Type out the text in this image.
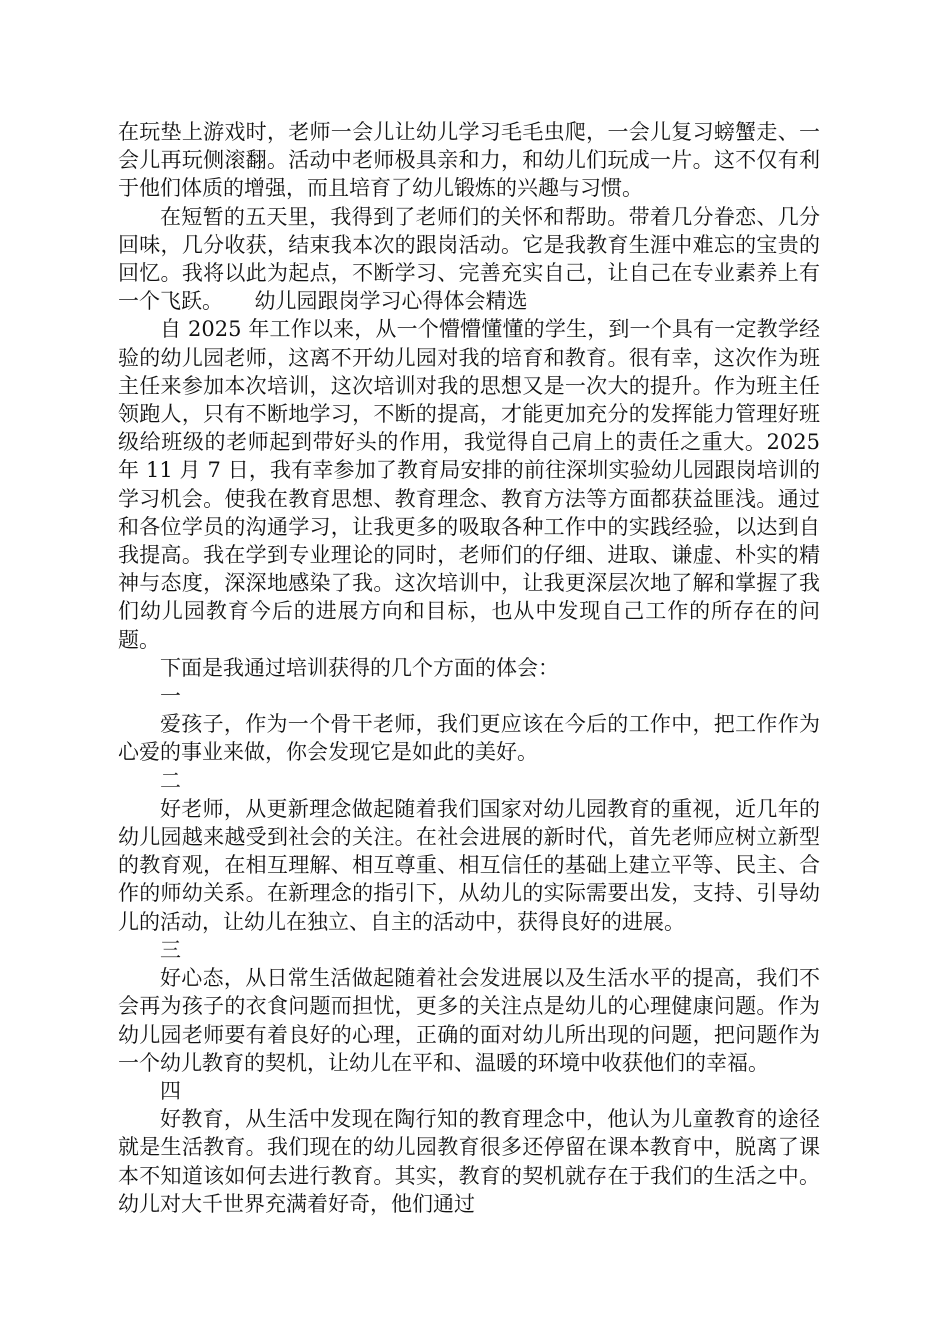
在玩垫上游戏时，老师一会儿让幼儿学习毛毛虫爬，一会儿复习螃蟹走、一会儿再玩侧滚翻。活动中老师极具亲和力，和幼儿们玩成一片。这不仅有利于他们体质的增强，而且培育了幼儿锻炼的兴趣与习惯。

在短暂的五天里，我得到了老师们的关怀和帮助。带着几分眷恋、几分回味，几分收获，结束我本次的跟岗活动。它是我教育生涯中难忘的宝贵的回忆。我将以此为起点，不断学习、完善充实自己，让自己在专业素养上有一个飞跃。　　幼儿园跟岗学习心得体会精选

自 2025 年工作以来，从一个懵懵懂懂的学生，到一个具有一定教学经验的幼儿园老师，这离不开幼儿园对我的培育和教育。很有幸，这次作为班主任来参加本次培训，这次培训对我的思想又是一次大的提升。作为班主任领跑人，只有不断地学习，不断的提高，才能更加充分的发挥能力管理好班级给班级的老师起到带好头的作用，我觉得自己肩上的责任之重大。2025 年 11 月 7 日，我有幸参加了教育局安排的前往深圳实验幼儿园跟岗培训的学习机会。使我在教育思想、教育理念、教育方法等方面都获益匪浅。通过和各位学员的沟通学习，让我更多的吸取各种工作中的实践经验，以达到自我提高。我在学到专业理论的同时，老师们的仔细、进取、谦虚、朴实的精神与态度，深深地感染了我。这次培训中，让我更深层次地了解和掌握了我们幼儿园教育今后的进展方向和目标，也从中发现自己工作的所存在的问题。

下面是我通过培训获得的几个方面的体会：

一

爱孩子，作为一个骨干老师，我们更应该在今后的工作中，把工作作为心爱的事业来做，你会发现它是如此的美好。

二

好老师，从更新理念做起随着我们国家对幼儿园教育的重视，近几年的幼儿园越来越受到社会的关注。在社会进展的新时代，首先老师应树立新型的教育观，在相互理解、相互尊重、相互信任的基础上建立平等、民主、合作的师幼关系。在新理念的指引下，从幼儿的实际需要出发，支持、引导幼儿的活动，让幼儿在独立、自主的活动中，获得良好的进展。

三

好心态，从日常生活做起随着社会发进展以及生活水平的提高，我们不会再为孩子的衣食问题而担忧，更多的关注点是幼儿的心理健康问题。作为幼儿园老师要有着良好的心理，正确的面对幼儿所出现的问题，把问题作为一个幼儿教育的契机，让幼儿在平和、温暖的环境中收获他们的幸福。

四

好教育，从生活中发现在陶行知的教育理念中，他认为儿童教育的途径就是生活教育。我们现在的幼儿园教育很多还停留在课本教育中，脱离了课本不知道该如何去进行教育。其实，教育的契机就存在于我们的生活之中。幼儿对大千世界充满着好奇，他们通过
